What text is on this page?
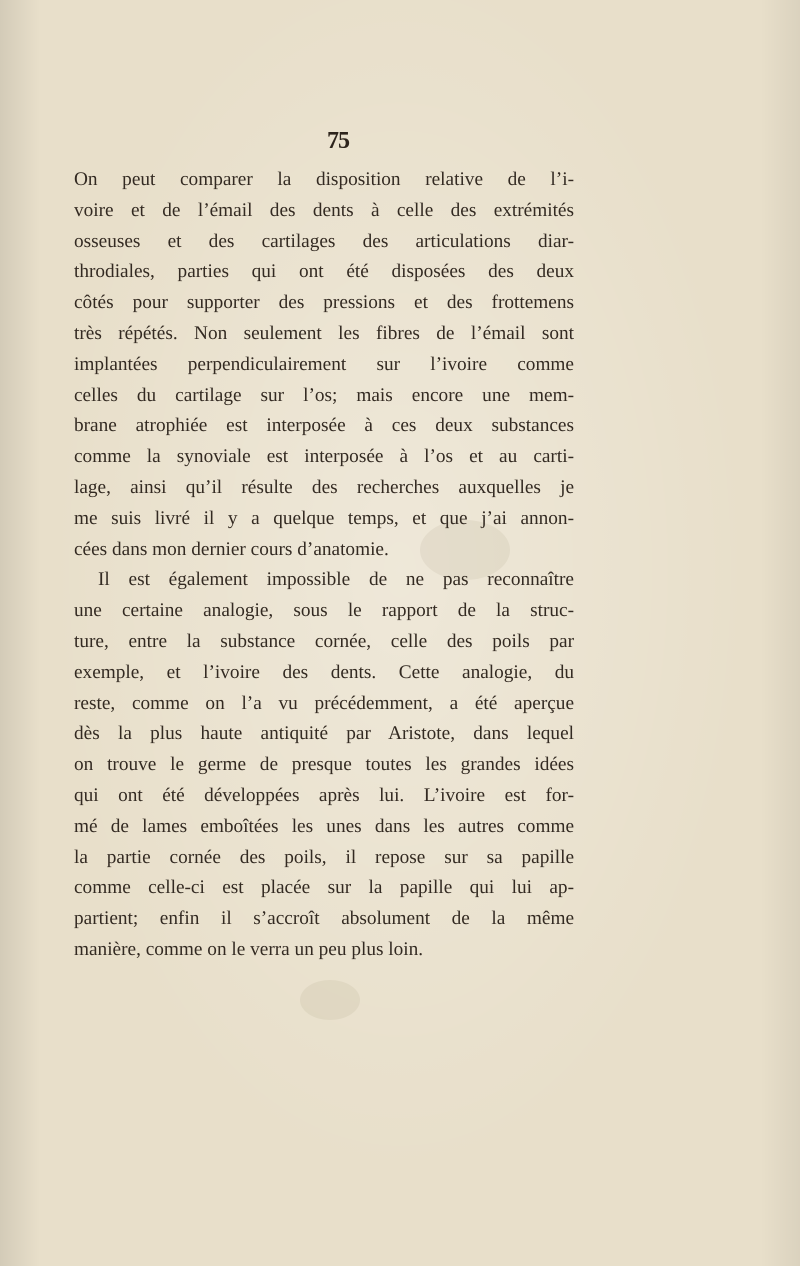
75
On peut comparer la disposition relative de l’i-
voire et de l’émail des dents à celle des extrémités
osseuses et des cartilages des articulations diar-
throdiales, parties qui ont été disposées des deux
côtés pour supporter des pressions et des frottemens
très répétés. Non seulement les fibres de l’émail sont
implantées perpendiculairement sur l’ivoire comme
celles du cartilage sur l’os; mais encore une mem-
brane atrophiée est interposée à ces deux substances
comme la synoviale est interposée à l’os et au carti-
lage, ainsi qu’il résulte des recherches auxquelles je
me suis livré il y a quelque temps, et que j’ai annon-
cées dans mon dernier cours d’anatomie.
Il est également impossible de ne pas reconnaître
une certaine analogie, sous le rapport de la struc-
ture, entre la substance cornée, celle des poils par
exemple, et l’ivoire des dents. Cette analogie, du
reste, comme on l’a vu précédemment, a été aperçue
dès la plus haute antiquité par Aristote, dans lequel
on trouve le germe de presque toutes les grandes idées
qui ont été développées après lui. L’ivoire est for-
mé de lames emboîtées les unes dans les autres comme
la partie cornée des poils, il repose sur sa papille
comme celle-ci est placée sur la papille qui lui ap-
partient; enfin il s’accroît absolument de la même
manière, comme on le verra un peu plus loin.
